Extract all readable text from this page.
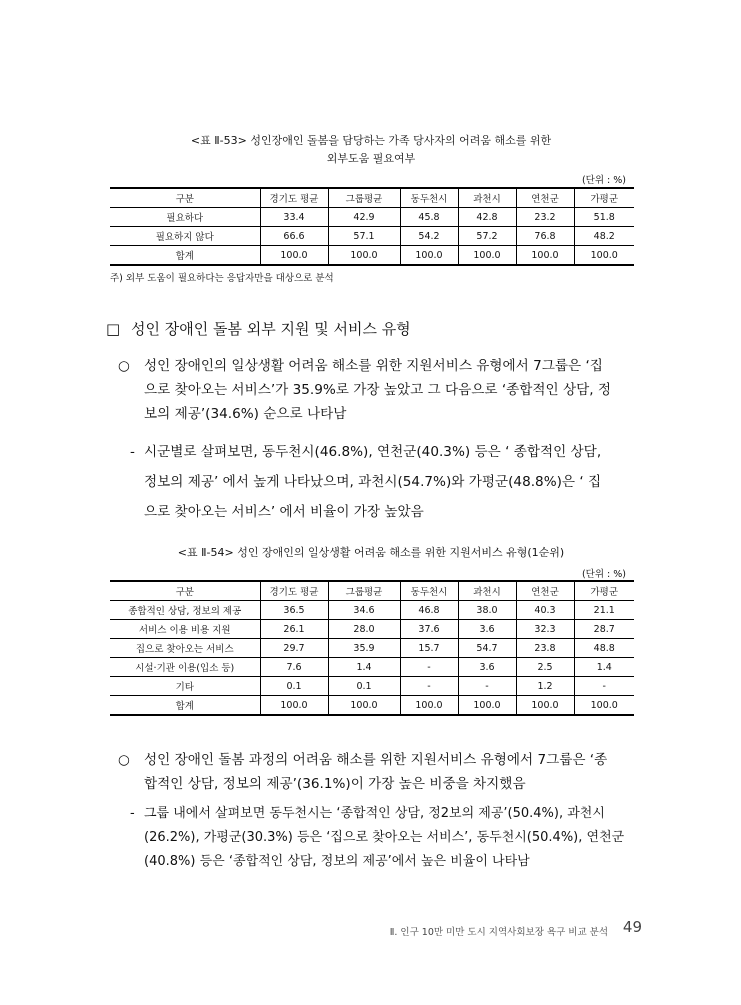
<표 Ⅱ-53> 성인장애인 돌봄을 담당하는 가족 당사자의 어려움 해소를 위한
외부도움 필요여부
(단위 : %)
구분	경기도 평균	그룹평균	동두천시	과천시	연천군	가평군
필요하다	33.4	42.9	45.8	42.8	23.2	51.8
필요하지 않다	66.6	57.1	54.2	57.2	76.8	48.2
합계	100.0	100.0	100.0	100.0	100.0	100.0
주) 외부 도움이 필요하다는 응답자만을 대상으로 분석
□ 성인 장애인 돌봄 외부 지원 및 서비스 유형
○ 성인 장애인의 일상생활 어려움 해소를 위한 지원서비스 유형에서 7그룹은 ‘집
으로 찾아오는 서비스’가 35.9%로 가장 높았고 그 다음으로 ‘종합적인 상담, 정
보의 제공’(34.6%) 순으로 나타남
- 시군별로 살펴보면, 동두천시(46.8%), 연천군(40.3%) 등은 ‘ 종합적인 상담,
정보의 제공’ 에서 높게 나타났으며, 과천시(54.7%)와 가평군(48.8%)은 ‘ 집
으로 찾아오는 서비스’ 에서 비율이 가장 높았음
<표 Ⅱ-54> 성인 장애인의 일상생활 어려움 해소를 위한 지원서비스 유형(1순위)
(단위 : %)
구분	경기도 평균	그룹평균	동두천시	과천시	연천군	가평군
종합적인 상담, 정보의 제공	36.5	34.6	46.8	38.0	40.3	21.1
서비스 이용 비용 지원	26.1	28.0	37.6	3.6	32.3	28.7
집으로 찾아오는 서비스	29.7	35.9	15.7	54.7	23.8	48.8
시설·기관 이용(입소 등)	7.6	1.4	-	3.6	2.5	1.4
기타	0.1	0.1	-	-	1.2	-
합계	100.0	100.0	100.0	100.0	100.0	100.0
○ 성인 장애인 돌봄 과정의 어려움 해소를 위한 지원서비스 유형에서 7그룹은 ‘종
합적인 상담, 정보의 제공’(36.1%)이 가장 높은 비중을 차지했음
- 그룹 내에서 살펴보면 동두천시는 ‘종합적인 상담, 정2보의 제공’(50.4%), 과천시
(26.2%), 가평군(30.3%) 등은 ‘집으로 찾아오는 서비스’, 동두천시(50.4%), 연천군
(40.8%) 등은 ‘종합적인 상담, 정보의 제공’에서 높은 비율이 나타남
Ⅱ. 인구 10만 미만 도시 지역사회보장 욕구 비교 분석 49
